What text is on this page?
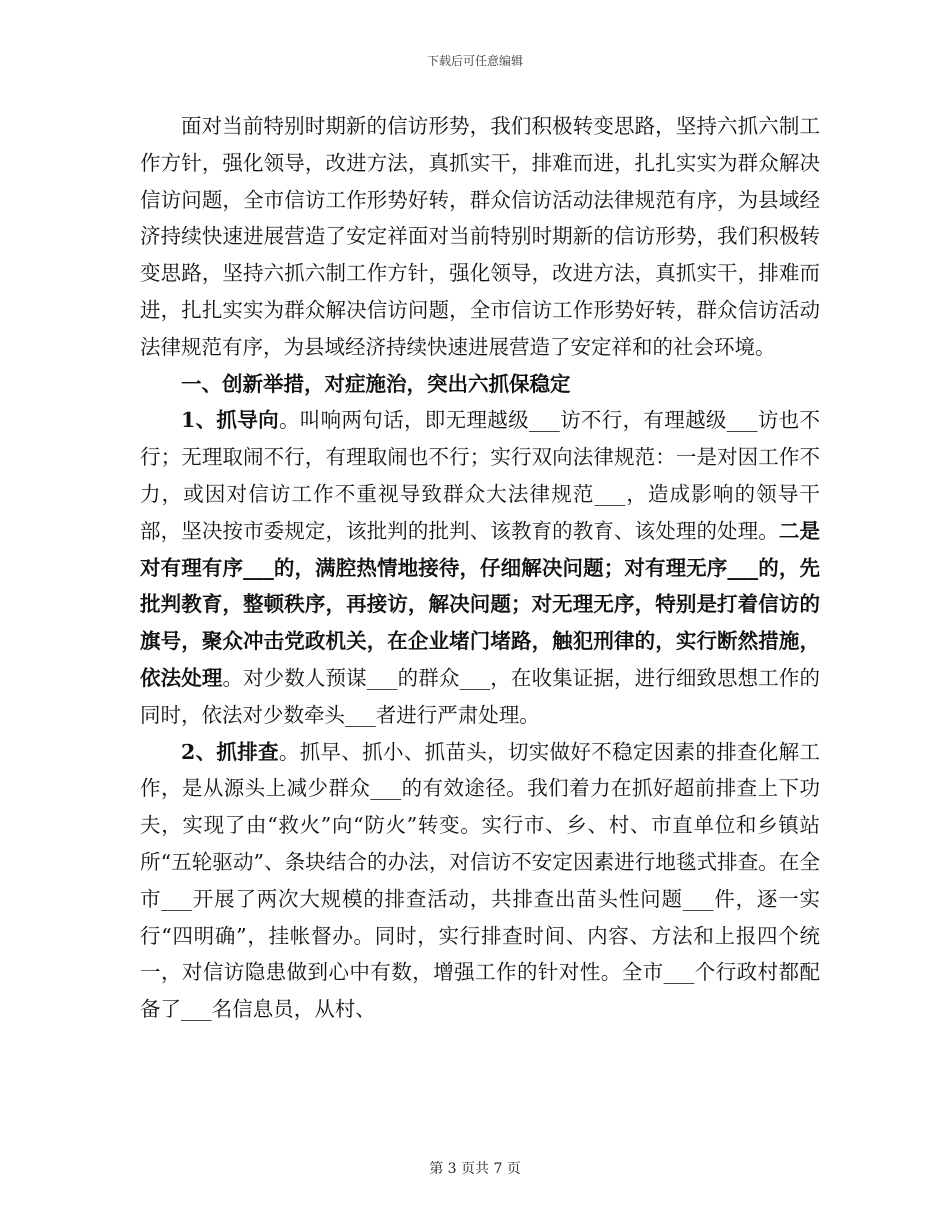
下载后可任意编辑

面对当前特别时期新的信访形势，我们积极转变思路，坚持六抓六制工作方针，强化领导，改进方法，真抓实干，排难而进，扎扎实实为群众解决信访问题，全市信访工作形势好转，群众信访活动法律规范有序，为县域经济持续快速进展营造了安定祥面对当前特别时期新的信访形势，我们积极转变思路，坚持六抓六制工作方针，强化领导，改进方法，真抓实干，排难而进，扎扎实实为群众解决信访问题，全市信访工作形势好转，群众信访活动法律规范有序，为县域经济持续快速进展营造了安定祥和的社会环境。

一、创新举措，对症施治，突出六抓保稳定

1、抓导向。叫响两句话，即无理越级___访不行，有理越级___访也不行；无理取闹不行，有理取闹也不行；实行双向法律规范：一是对因工作不力，或因对信访工作不重视导致群众大法律规范___，造成影响的领导干部，坚决按市委规定，该批判的批判、该教育的教育、该处理的处理。二是对有理有序___的，满腔热情地接待，仔细解决问题；对有理无序___的，先批判教育，整顿秩序，再接访，解决问题；对无理无序，特别是打着信访的旗号，聚众冲击党政机关，在企业堵门堵路，触犯刑律的，实行断然措施，依法处理。对少数人预谋___的群众___，在收集证据，进行细致思想工作的同时，依法对少数牵头___者进行严肃处理。

2、抓排查。抓早、抓小、抓苗头，切实做好不稳定因素的排查化解工作，是从源头上减少群众___的有效途径。我们着力在抓好超前排查上下功夫，实现了由“救火”向“防火”转变。实行市、乡、村、市直单位和乡镇站所“五轮驱动”、条块结合的办法，对信访不安定因素进行地毯式排查。在全市___开展了两次大规模的排查活动，共排查出苗头性问题___件，逐一实行“四明确”，挂帐督办。同时，实行排查时间、内容、方法和上报四个统一，对信访隐患做到心中有数，增强工作的针对性。全市___个行政村都配备了___名信息员，从村、

第 3 页共 7 页
